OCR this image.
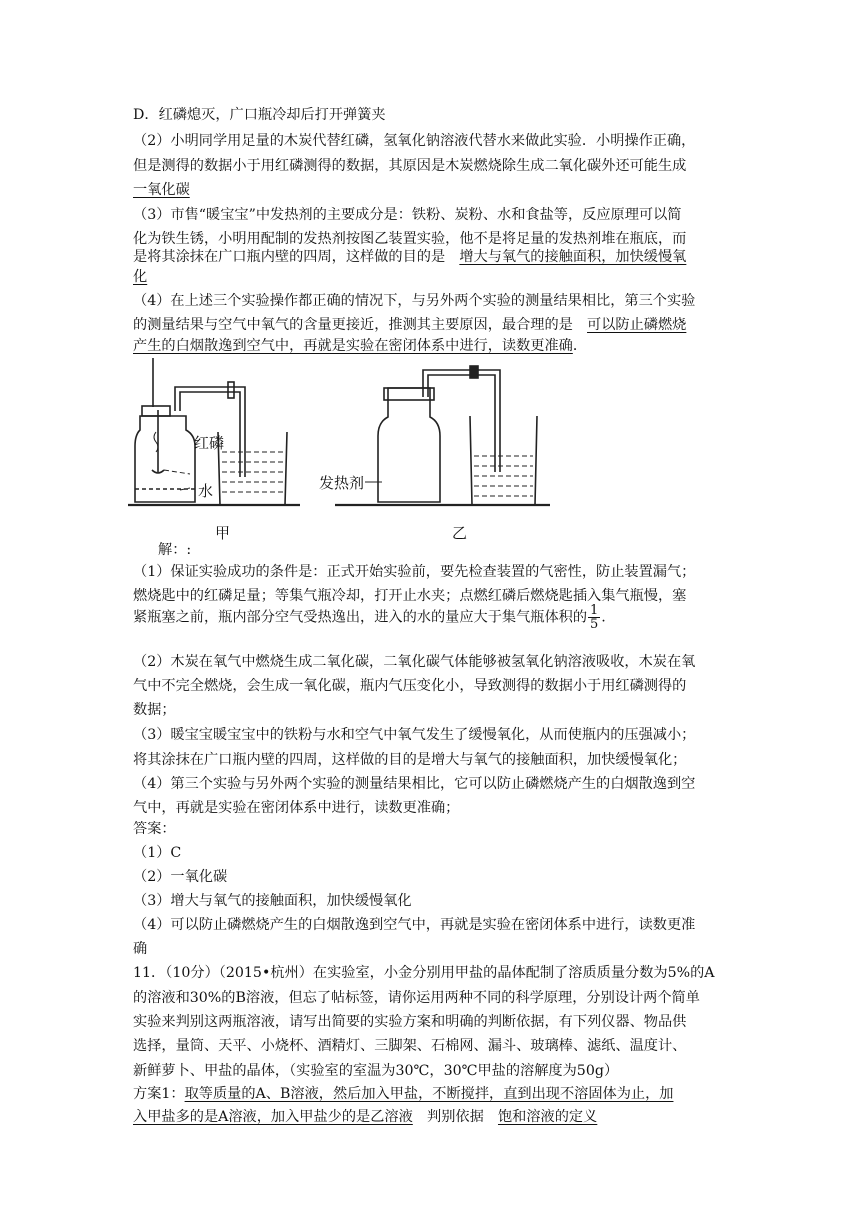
D．红磷熄灭，广口瓶冷却后打开弹簧夹
（2）小明同学用足量的木炭代替红磷，氢氧化钠溶液代替水来做此实验．小明操作正确，
但是测得的数据小于用红磷测得的数据，其原因是木炭燃烧除生成二氧化碳外还可能生成
一氧化碳
（3）市售“暖宝宝”中发热剂的主要成分是：铁粉、炭粉、水和食盐等，反应原理可以简
化为铁生锈，小明用配制的发热剂按图乙装置实验，他不是将足量的发热剂堆在瓶底，而
是将其涂抹在广口瓶内壁的四周，这样做的目的是　 增大与氧气的接触面积，加快缓慢氧
化
（4）在上述三个实验操作都正确的情况下，与另外两个实验的测量结果相比，第三个实验
的测量结果与空气中氧气的含量更接近，推测其主要原因，最合理的是　 可以防止磷燃烧
产生的白烟散逸到空气中，再就是实验在密闭体系中进行，读数更准确．
红磷
水	发热剂
甲	乙
解：:
（1）保证实验成功的条件是：正式开始实验前，要先检查装置的气密性，防止装置漏气；
燃烧匙中的红磷足量；等集气瓶冷却，打开止水夹；点燃红磷后燃烧匙插入集气瓶慢，塞
紧瓶塞之前，瓶内部分空气受热逸出，进入的水的量应大于集气瓶体积的 $\frac{1}{5}$ .
（2）木炭在氧气中燃烧生成二氧化碳，二氧化碳气体能够被氢氧化钠溶液吸收，木炭在氧
气中不完全燃烧，会生成一氧化碳，瓶内气压变化小，导致测得的数据小于用红磷测得的
数据；
（3）暖宝宝暖宝宝中的铁粉与水和空气中氧气发生了缓慢氧化，从而使瓶内的压强减小；
将其涂抹在广口瓶内壁的四周，这样做的目的是增大与氧气的接触面积，加快缓慢氧化；
（4）第三个实验与另外两个实验的测量结果相比，它可以防止磷燃烧产生的白烟散逸到空
气中，再就是实验在密闭体系中进行，读数更准确；
答案：
（1）C
（2）一氧化碳
（3）增大与氧气的接触面积，加快缓慢氧化
（4）可以防止磷燃烧产生的白烟散逸到空气中，再就是实验在密闭体系中进行，读数更准
确
11．（10分）（2015•杭州）在实验室，小金分别用甲盐的晶体配制了溶质质量分数为5%的A
的溶液和30%的B溶液，但忘了帖标签，请你运用两种不同的科学原理，分别设计两个简单
实验来判别这两瓶溶液，请写出简要的实验方案和明确的判断依据，有下列仪器、物品供
选择，量筒、天平、小烧杯、酒精灯、三脚架、石棉网、漏斗、玻璃棒、滤纸、温度计、
新鲜萝卜、甲盐的晶体，（实验室的室温为30℃，30℃甲盐的溶解度为50g）
方案1：取等质量的A、B溶液，然后加入甲盐，不断搅拌，直到出现不溶固体为止，加
入甲盐多的是A溶液，加入甲盐少的是乙溶液　 判别依据　 饱和溶液的定义
